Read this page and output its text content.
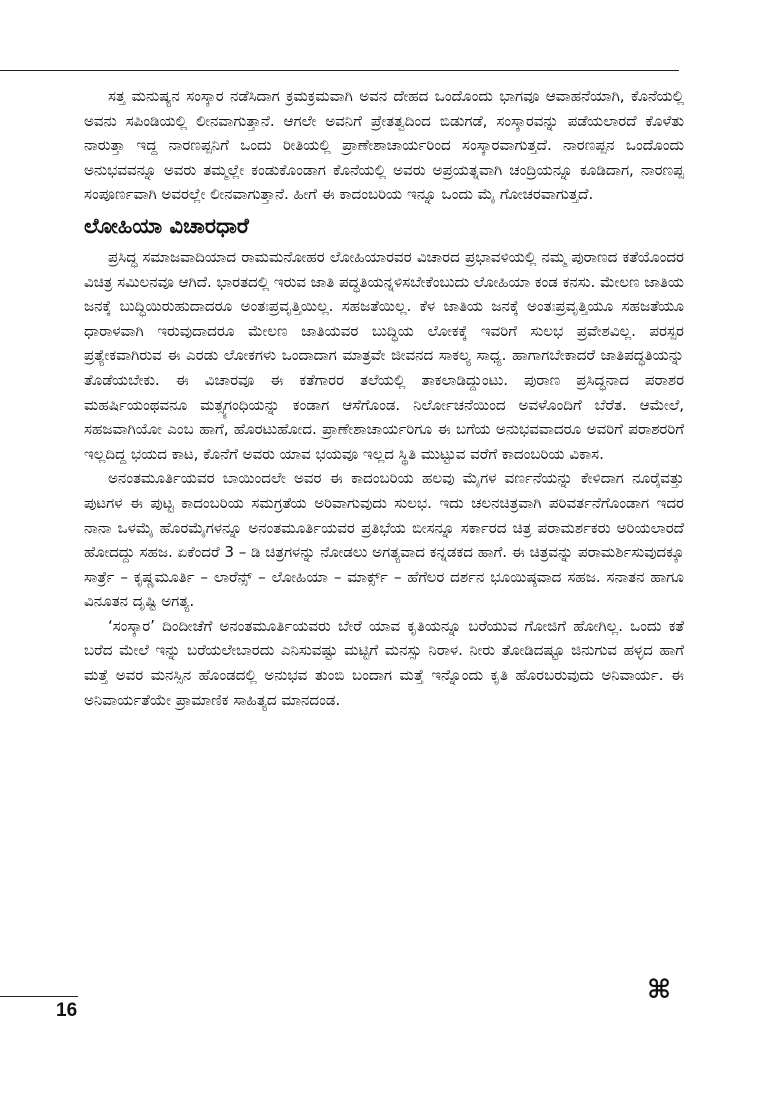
ಸತ್ತ ಮನುಷ್ಯನ ಸಂಸ್ಕಾರ ನಡೆಸಿದಾಗ ಕ್ರಮಕ್ರಮವಾಗಿ ಅವನ ದೇಹದ ಒಂದೊಂದು ಭಾಗವೂ ಆವಾಹನೆಯಾಗಿ, ಕೊನೆಯಲ್ಲಿ ಅವನು ಸಪಿಂಡಿಯಲ್ಲಿ ಲೀನವಾಗುತ್ತಾನೆ. ಆಗಲೇ ಅವನಿಗೆ ಪ್ರೇತತ್ವದಿಂದ ಬಿಡುಗಡೆ, ಸಂಸ್ಕಾರವನ್ನು ಪಡೆಯಲಾರದೆ ಕೊಳೆತು ನಾರುತ್ತಾ ಇದ್ದ ನಾರಣಪ್ಪನಿಗೆ ಒಂದು ರೀತಿಯಲ್ಲಿ ಪ್ರಾಣೇಶಾಚಾರ್ಯರಿಂದ ಸಂಸ್ಕಾರವಾಗುತ್ತದೆ. ನಾರಣಪ್ಪನ ಒಂದೊಂದು ಅನುಭವವನ್ನೂ ಅವರು ತಮ್ಮಲ್ಲೇ ಕಂಡುಕೊಂಡಾಗ ಕೊನೆಯಲ್ಲಿ ಅವರು ಅಪ್ರಯತ್ನವಾಗಿ ಚಂದ್ರಿಯನ್ನೂ ಕೂಡಿದಾಗ, ನಾರಣಪ್ಪ ಸಂಪೂರ್ಣವಾಗಿ ಅವರಲ್ಲೇ ಲೀನವಾಗುತ್ತಾನೆ. ಹೀಗೆ ಈ ಕಾದಂಬರಿಯ ಇನ್ನೂ ಒಂದು ಮೈ ಗೋಚರವಾಗುತ್ತದೆ.

ಲೋಹಿಯಾ ವಿಚಾರಧಾರೆ

ಪ್ರಸಿದ್ಧ ಸಮಾಜವಾದಿಯಾದ ರಾಮಮನೋಹರ ಲೋಹಿಯಾರವರ ವಿಚಾರದ ಪ್ರಭಾವಳಿಯಲ್ಲಿ ನಮ್ಮ ಪುರಾಣದ ಕತೆಯೊಂದರ ವಿಚಿತ್ರ ಸಮಿಲನವೂ ಆಗಿದೆ. ಭಾರತದಲ್ಲಿ ಇರುವ ಜಾತಿ ಪದ್ಧತಿಯನ್ನಳಿಸಬೇಕೆಂಬುದು ಲೋಹಿಯಾ ಕಂಡ ಕನಸು. ಮೇಲಣ ಜಾತಿಯ ಜನಕ್ಕೆ ಬುದ್ಧಿಯಿರುಹುದಾದರೂ ಅಂತಃಪ್ರವೃತ್ತಿಯಿಲ್ಲ. ಸಹಜತೆಯಿಲ್ಲ. ಕೆಳ ಜಾತಿಯ ಜನಕ್ಕೆ ಅಂತಃಪ್ರವೃತ್ತಿಯೂ ಸಹಜತೆಯೂ ಧಾರಾಳವಾಗಿ ಇರುವುದಾದರೂ ಮೇಲಣ ಜಾತಿಯವರ ಬುದ್ಧಿಯ ಲೋಕಕ್ಕೆ ಇವರಿಗೆ ಸುಲಭ ಪ್ರವೇಶವಿಲ್ಲ. ಪರಸ್ಪರ ಪ್ರತ್ಯೇಕವಾಗಿರುವ ಈ ಎರಡು ಲೋಕಗಳು ಒಂದಾದಾಗ ಮಾತ್ರವೇ ಜೀವನದ ಸಾಕಲ್ಯ ಸಾಧ್ಯ. ಹಾಗಾಗಬೇಕಾದರೆ ಜಾತಿಪದ್ಧತಿಯನ್ನು ತೊಡೆಯಬೇಕು. ಈ ವಿಚಾರವೂ ಈ ಕತೆಗಾರರ ತಲೆಯಲ್ಲಿ ತಾಕಲಾಡಿದ್ದುಂಟು. ಪುರಾಣ ಪ್ರಸಿದ್ಧನಾದ ಪರಾಶರ ಮಹರ್ಷಿಯಂಥವನೂ ಮತ್ಸ್ಯಗಂಧಿಯನ್ನು ಕಂಡಾಗ ಆಸೆಗೊಂಡ. ನಿರ್ಲೋಚನೆಯಿಂದ ಅವಳೊಂದಿಗೆ ಬೆರೆತ. ಆಮೇಲೆ, ಸಹಜವಾಗಿಯೋ ಎಂಬ ಹಾಗೆ, ಹೊರಟುಹೋದ. ಪ್ರಾಣೇಶಾಚಾರ್ಯರಿಗೂ ಈ ಬಗೆಯ ಅನುಭವವಾದರೂ ಅವರಿಗೆ ಪರಾಶರರಿಗೆ ಇಲ್ಲದಿದ್ದ ಭಯದ ಕಾಟ, ಕೊನೆಗೆ ಅವರು ಯಾವ ಭಯವೂ ಇಲ್ಲದ ಸ್ಥಿತಿ ಮುಟ್ಟುವ ವರೆಗೆ ಕಾದಂಬರಿಯ ವಿಕಾಸ.

ಅನಂತಮೂರ್ತಿಯವರ ಬಾಯಿಂದಲೇ ಅವರ ಈ ಕಾದಂಬರಿಯ ಹಲವು ಮೈಗಳ ವರ್ಣನೆಯನ್ನು ಕೇಳಿದಾಗ ನೂರೈವತ್ತು ಪುಟಗಳ ಈ ಪುಟ್ಟ ಕಾದಂಬರಿಯ ಸಮಗ್ರತೆಯ ಅರಿವಾಗುವುದು ಸುಲಭ. ಇದು ಚಲನಚಿತ್ರವಾಗಿ ಪರಿವರ್ತನೆಗೊಂಡಾಗ ಇದರ ನಾನಾ ಒಳಮೈ ಹೊರಮೈಗಳನ್ನೂ ಅನಂತಮೂರ್ತಿಯವರ ಪ್ರತಿಭೆಯ ಬೀಸನ್ನೂ ಸರ್ಕಾರದ ಚಿತ್ರ ಪರಾಮರ್ಶಕರು ಅರಿಯಲಾರದೆ ಹೋದದ್ದು ಸಹಜ. ಏಕೆಂದರೆ 3 – ಡಿ ಚಿತ್ರಗಳನ್ನು ನೋಡಲು ಅಗತ್ಯವಾದ ಕನ್ನಡಕದ ಹಾಗೆ. ಈ ಚಿತ್ರವನ್ನು ಪರಾಮರ್ಶಿಸುವುದಕ್ಕೂ ಸಾರ್ತ್ರೆ – ಕೃಷ್ಣಮೂರ್ತಿ – ಲಾರೆನ್ಸ್ – ಲೋಹಿಯಾ – ಮಾರ್ಕ್ಸ್ – ಹೆಗೆಲರ ದರ್ಶನ ಭೂಯಿಷ್ಠವಾದ ಸಹಜ. ಸನಾತನ ಹಾಗೂ ವಿನೂತನ ದೃಷ್ಟಿ ಅಗತ್ಯ.

‘ಸಂಸ್ಕಾರ’ ದಿಂದೀಚೆಗೆ ಅನಂತಮೂರ್ತಿಯವರು ಬೇರೆ ಯಾವ ಕೃತಿಯನ್ನೂ ಬರೆಯುವ ಗೋಜಿಗೆ ಹೋಗಿಲ್ಲ. ಒಂದು ಕತೆ ಬರೆದ ಮೇಲೆ ಇನ್ನು ಬರೆಯಲೇಬಾರದು ಎನಿಸುವಷ್ಟು ಮಟ್ಟಿಗೆ ಮನಸ್ಸು ನಿರಾಳ. ನೀರು ತೋಡಿದಷ್ಟೂ ಜಿನುಗುವ ಹಳ್ಳದ ಹಾಗೆ ಮತ್ತೆ ಅವರ ಮನಸ್ಸಿನ ಹೊಂಡದಲ್ಲಿ ಅನುಭವ ತುಂಬಿ ಬಂದಾಗ ಮತ್ತೆ ಇನ್ನೊಂದು ಕೃತಿ ಹೊರಬರುವುದು ಅನಿವಾರ್ಯ. ಈ ಅನಿವಾರ್ಯತೆಯೇ ಪ್ರಾಮಾಣಿಕ ಸಾಹಿತ್ಯದ ಮಾನದಂಡ.

⌘
16
